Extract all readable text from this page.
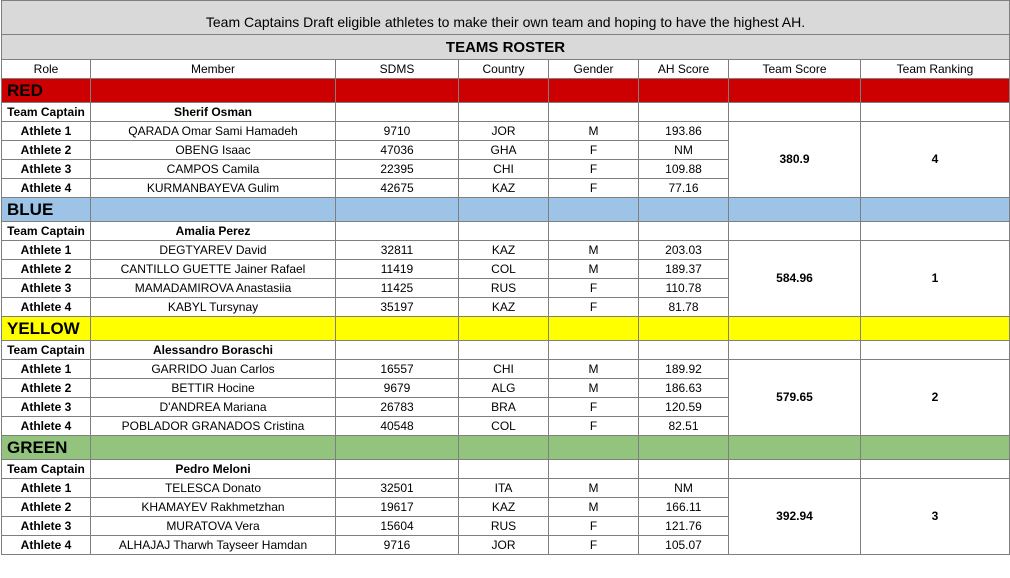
Team Captains Draft eligible athletes to make their own team and hoping to have the highest AH.							
TEAMS ROSTER							
Role	Member	SDMS	Country	Gender	AH Score	Team Score	Team Ranking
RED							
Team Captain	Sherif Osman						
Athlete 1	QARADA Omar Sami Hamadeh	9710	JOR	M	193.86	380.9	4
Athlete 2	OBENG Isaac	47036	GHA	F	NM		
Athlete 3	CAMPOS Camila	22395	CHI	F	109.88		
Athlete 4	KURMANBAYEVA Gulim	42675	KAZ	F	77.16		
BLUE							
Team Captain	Amalia Perez						
Athlete 1	DEGTYAREV David	32811	KAZ	M	203.03	584.96	1
Athlete 2	CANTILLO GUETTE Jainer Rafael	11419	COL	M	189.37		
Athlete 3	MAMADAMIROVA Anastasiia	11425	RUS	F	110.78		
Athlete 4	KABYL Tursynay	35197	KAZ	F	81.78		
YELLOW							
Team Captain	Alessandro Boraschi						
Athlete 1	GARRIDO Juan Carlos	16557	CHI	M	189.92	579.65	2
Athlete 2	BETTIR Hocine	9679	ALG	M	186.63		
Athlete 3	D'ANDREA Mariana	26783	BRA	F	120.59		
Athlete 4	POBLADOR GRANADOS Cristina	40548	COL	F	82.51		
GREEN							
Team Captain	Pedro Meloni						
Athlete 1	TELESCA Donato	32501	ITA	M	NM	392.94	3
Athlete 2	KHAMAYEV Rakhmetzhan	19617	KAZ	M	166.11		
Athlete 3	MURATOVA Vera	15604	RUS	F	121.76		
Athlete 4	ALHAJAJ Tharwh Tayseer Hamdan	9716	JOR	F	105.07		
